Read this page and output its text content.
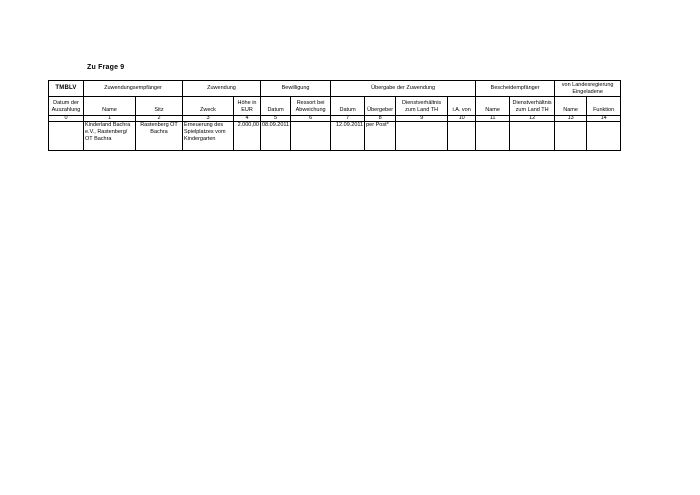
Zu Frage 9
TMBLV	Zuwendungsempfänger		Zuwendung		Bewilligung		Übergabe der Zuwendung				Bescheidempfänger		von Landesregierung Eingeladene	
Datum der Auszahlung	Name	Sitz	Zweck	Höhe in EUR	Datum	Ressort bei Abweichung	Datum	Übergeber	Dienstverhältnis zum Land TH	i.A. von	Name	Dienstverhältnis zum Land TH	Name	Funktion
0	1	2	3	4	5	6	7	8	9	10	11	12	13	14
	Kinderland Bachra e.V., Rastenberg/ OT Bachra	Rastenberg OT Bachra	Erneuerung des Spielplatzes vom Kindergarten	2.000,00	08.09.2011		12.09.2011	per Post*						
